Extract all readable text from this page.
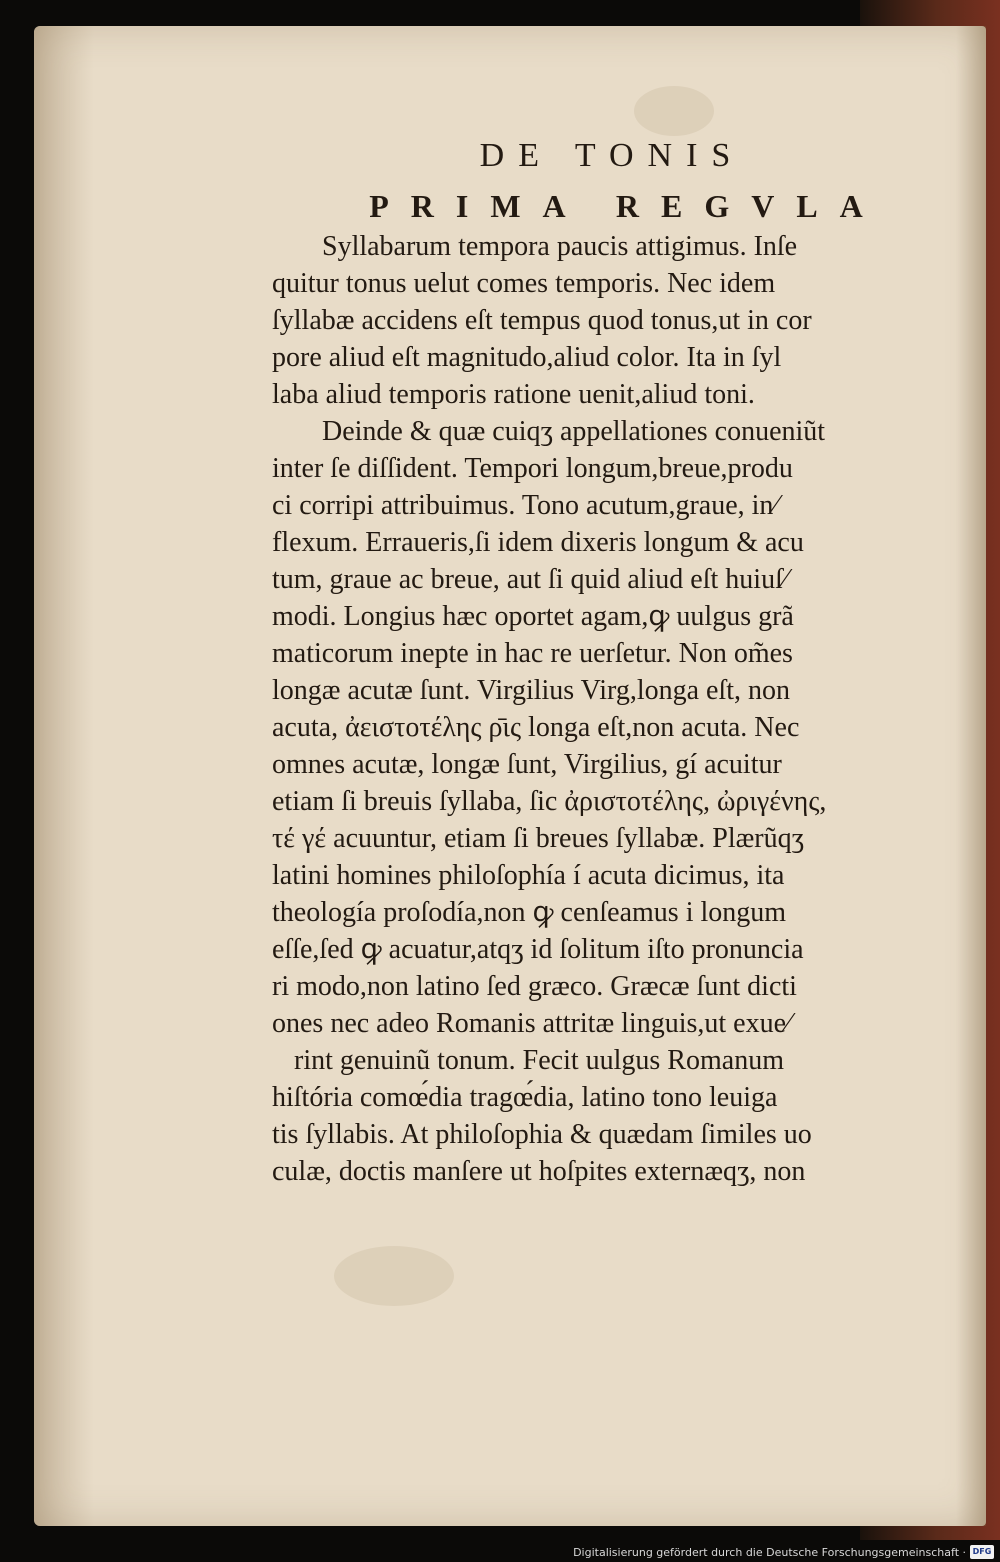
DE TONIS
PRIMA REGVLA
Syllabarum tempora paucis attigimus. Inſe
quitur tonus uelut comes temporis. Nec idem
ſyllabæ accidens eſt tempus quod tonus,ut in cor
pore aliud eſt magnitudo,aliud color. Ita in ſyl
laba aliud temporis ratione uenit,aliud toni.
Deinde & quæ cuiqʒ appellationes conueniũt
inter ſe diſſident. Tempori longum,breue,produ
ci corripi attribuimus. Tono acutum,graue, in⁄
flexum. Erraueris,ſi idem dixeris longum & acu
tum, graue ac breue, aut ſi quid aliud eſt huiuſ⁄
modi. Longius hæc oportet agam,ꝙ uulgus grã
maticorum inepte in hac re uerſetur. Non om̃es
longæ acutæ ſunt. Virgilius Virg,longa eſt, non
acuta, ἀειστοτέλης ρ̄ις longa eſt,non acuta. Nec
omnes acutæ, longæ ſunt, Virgilius, gí acuitur
etiam ſi breuis ſyllaba, ſic ἀριστοτέλης, ὠριγένης,
τέ γέ acuuntur, etiam ſi breues ſyllabæ. Plærũqʒ
latini homines philoſophía í acuta dicimus, ita
theología proſodía,non ꝙ cenſeamus i longum
eſſe,ſed ꝙ acuatur,atqʒ id ſolitum iſto pronuncia
ri modo,non latino ſed græco. Græcæ ſunt dicti
ones nec adeo Romanis attritæ linguis,ut exue⁄
rint genuinũ tonum. Fecit uulgus Romanum
hiſtória comœ́dia tragœ́dia, latino tono leuiga
tis ſyllabis. At philoſophia & quædam ſimiles uo
culæ, doctis manſere ut hoſpites externæqʒ, non
Digitalisierung gefördert durch die Deutsche Forschungsgemeinschaft · DFG
